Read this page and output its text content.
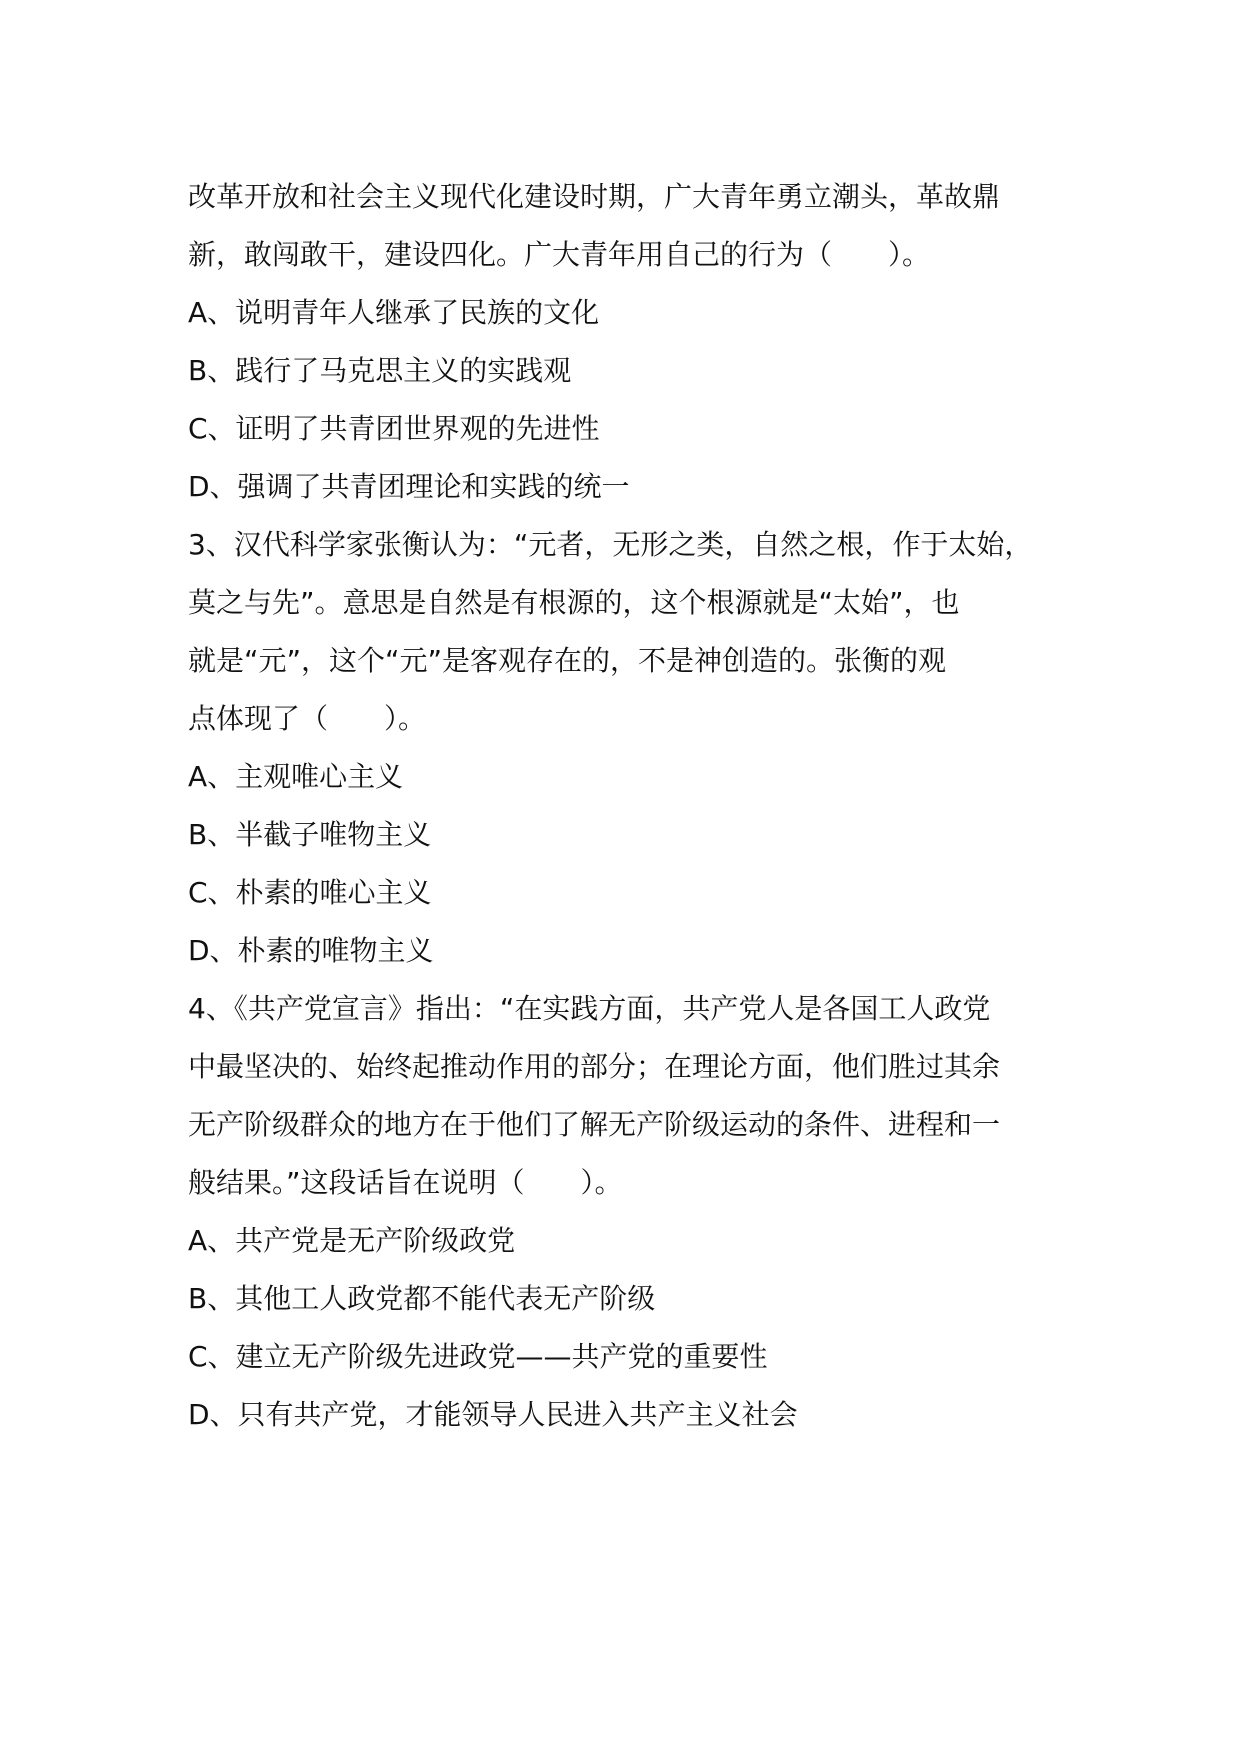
改革开放和社会主义现代化建设时期，广大青年勇立潮头，革故鼎
新，敢闯敢干，建设四化。广大青年用自己的行为（　　）。
A、说明青年人继承了民族的文化
B、践行了马克思主义的实践观
C、证明了共青团世界观的先进性
D、强调了共青团理论和实践的统一
3、汉代科学家张衡认为：“元者，无形之类，自然之根，作于太始，
莫之与先”。意思是自然是有根源的，这个根源就是“太始”，也
就是“元”，这个“元”是客观存在的，不是神创造的。张衡的观
点体现了（　　）。
A、主观唯心主义
B、半截子唯物主义
C、朴素的唯心主义
D、朴素的唯物主义
4、《共产党宣言》指出：“在实践方面，共产党人是各国工人政党
中最坚决的、始终起推动作用的部分；在理论方面，他们胜过其余
无产阶级群众的地方在于他们了解无产阶级运动的条件、进程和一
般结果。”这段话旨在说明（　　）。
A、共产党是无产阶级政党
B、其他工人政党都不能代表无产阶级
C、建立无产阶级先进政党——共产党的重要性
D、只有共产党，才能领导人民进入共产主义社会
